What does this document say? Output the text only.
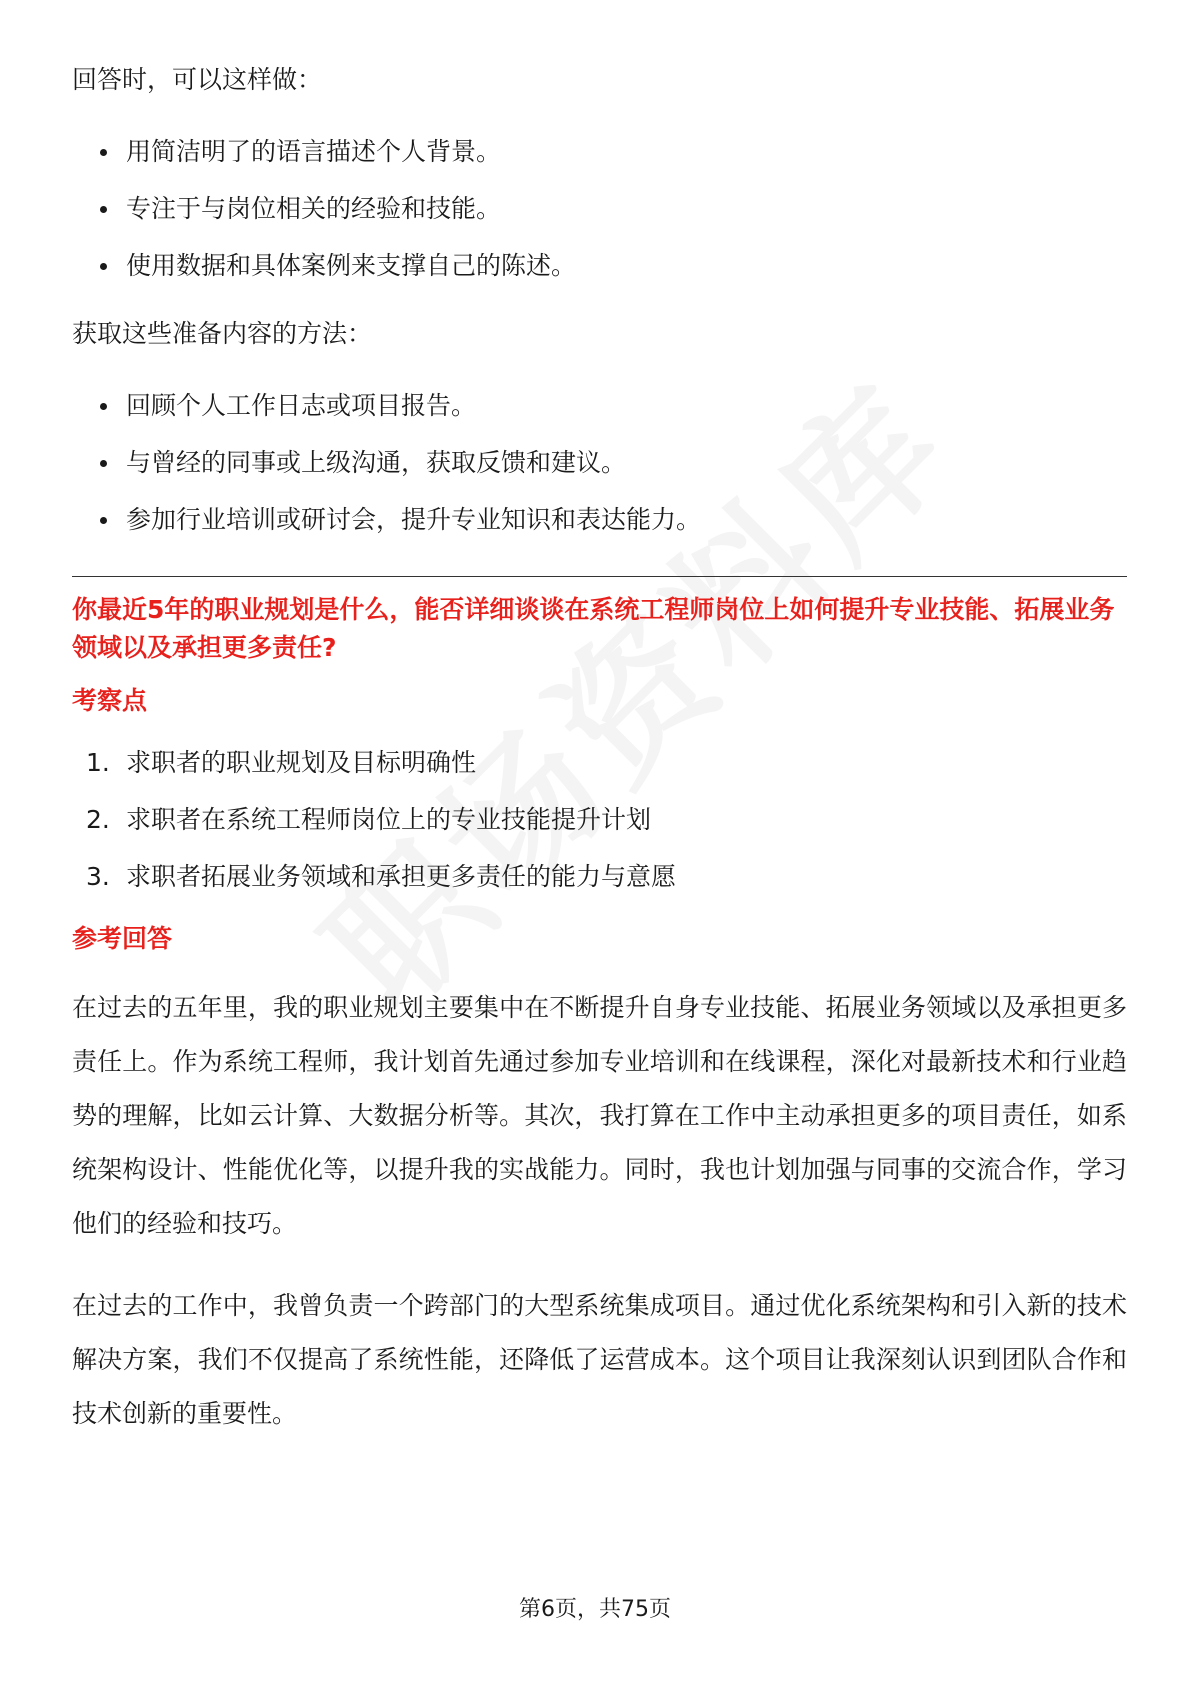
回答时，可以这样做：

用简洁明了的语言描述个人背景。
专注于与岗位相关的经验和技能。
使用数据和具体案例来支撑自己的陈述。

获取这些准备内容的方法：

回顾个人工作日志或项目报告。
与曾经的同事或上级沟通，获取反馈和建议。
参加行业培训或研讨会，提升专业知识和表达能力。

你最近5年的职业规划是什么，能否详细谈谈在系统工程师岗位上如何提升专业技能、拓展业务领域以及承担更多责任?

考察点

1. 求职者的职业规划及目标明确性
2. 求职者在系统工程师岗位上的专业技能提升计划
3. 求职者拓展业务领域和承担更多责任的能力与意愿

参考回答

在过去的五年里，我的职业规划主要集中在不断提升自身专业技能、拓展业务领域以及承担更多责任上。作为系统工程师，我计划首先通过参加专业培训和在线课程，深化对最新技术和行业趋势的理解，比如云计算、大数据分析等。其次，我打算在工作中主动承担更多的项目责任，如系统架构设计、性能优化等，以提升我的实战能力。同时，我也计划加强与同事的交流合作，学习他们的经验和技巧。

在过去的工作中，我曾负责一个跨部门的大型系统集成项目。通过优化系统架构和引入新的技术解决方案，我们不仅提高了系统性能，还降低了运营成本。这个项目让我深刻认识到团队合作和技术创新的重要性。

第6页，共75页
